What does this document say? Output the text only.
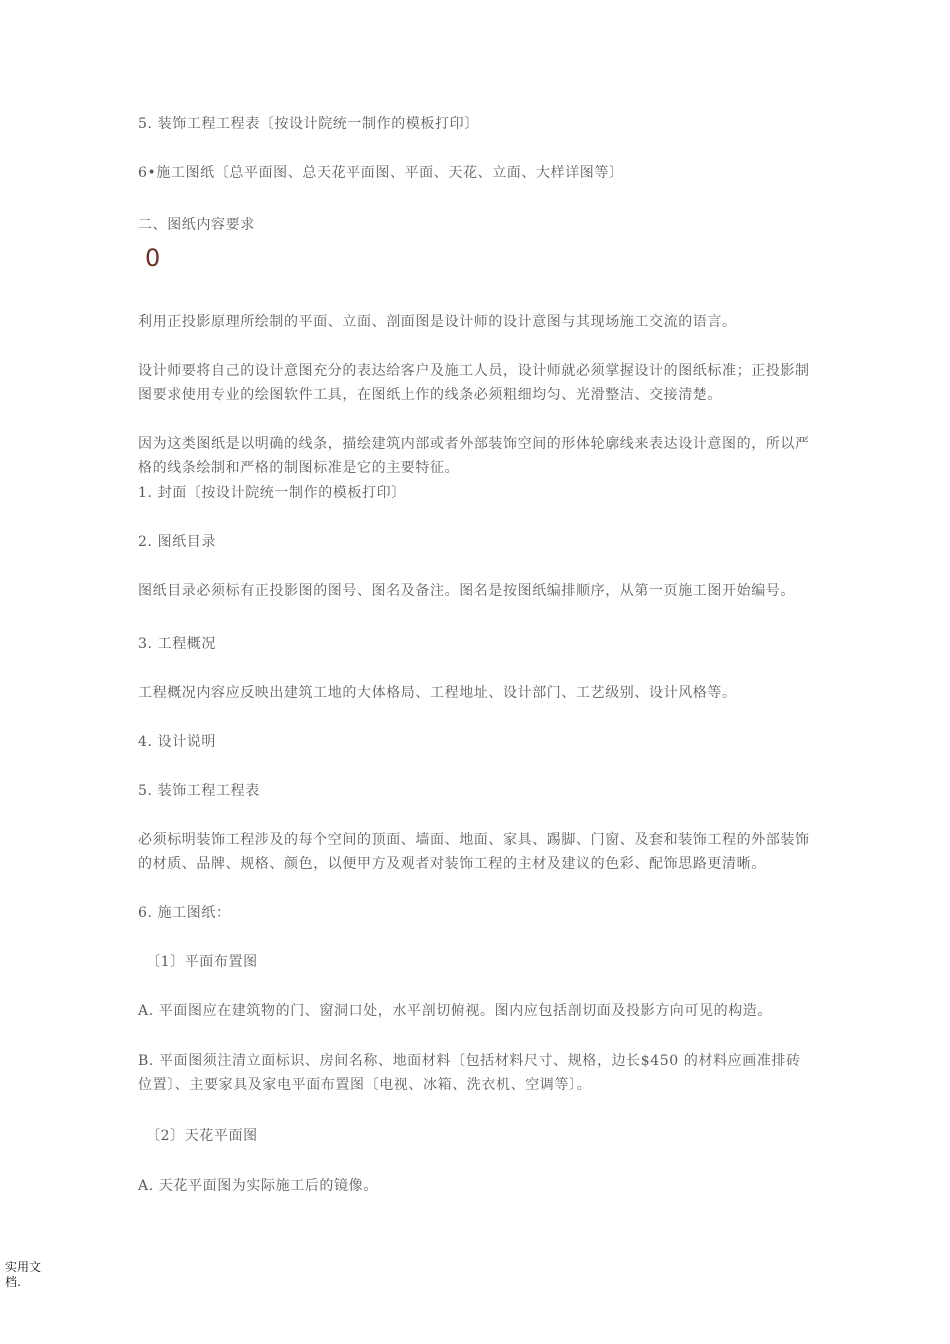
5. 装饰工程工程表〔按设计院统一制作的模板打印〕
6•施工图纸〔总平面图、总天花平面图、平面、天花、立面、大样详图等〕
二、图纸内容要求
0
利用正投影原理所绘制的平面、立面、剖面图是设计师的设计意图与其现场施工交流的语言。
设计师要将自己的设计意图充分的表达给客户及施工人员，设计师就必须掌握设计的图纸标准；正投影制图要求使用专业的绘图软件工具，在图纸上作的线条必须粗细均匀、光滑整洁、交接清楚。
因为这类图纸是以明确的线条，描绘建筑内部或者外部装饰空间的形体轮廓线来表达设计意图的，所以严格的线条绘制和严格的制图标准是它的主要特征。
1. 封面〔按设计院统一制作的模板打印〕
2. 图纸目录
图纸目录必须标有正投影图的图号、图名及备注。图名是按图纸编排顺序，从第一页施工图开始编号。
3. 工程概况
工程概况内容应反映出建筑工地的大体格局、工程地址、设计部门、工艺级别、设计风格等。
4. 设计说明
5. 装饰工程工程表
必须标明装饰工程涉及的每个空间的顶面、墙面、地面、家具、踢脚、门窗、及套和装饰工程的外部装饰的材质、品牌、规格、颜色，以便甲方及观者对装饰工程的主材及建议的色彩、配饰思路更清晰。
6. 施工图纸：
〔1〕平面布置图
A. 平面图应在建筑物的门、窗洞口处，水平剖切俯视。图内应包括剖切面及投影方向可见的构造。
B. 平面图须注清立面标识、房间名称、地面材料〔包括材料尺寸、规格，边长$450 的材料应画准排砖位置〕、主要家具及家电平面布置图〔电视、冰箱、洗衣机、空调等〕。
〔2〕天花平面图
A. 天花平面图为实际施工后的镜像。
实用文档.
